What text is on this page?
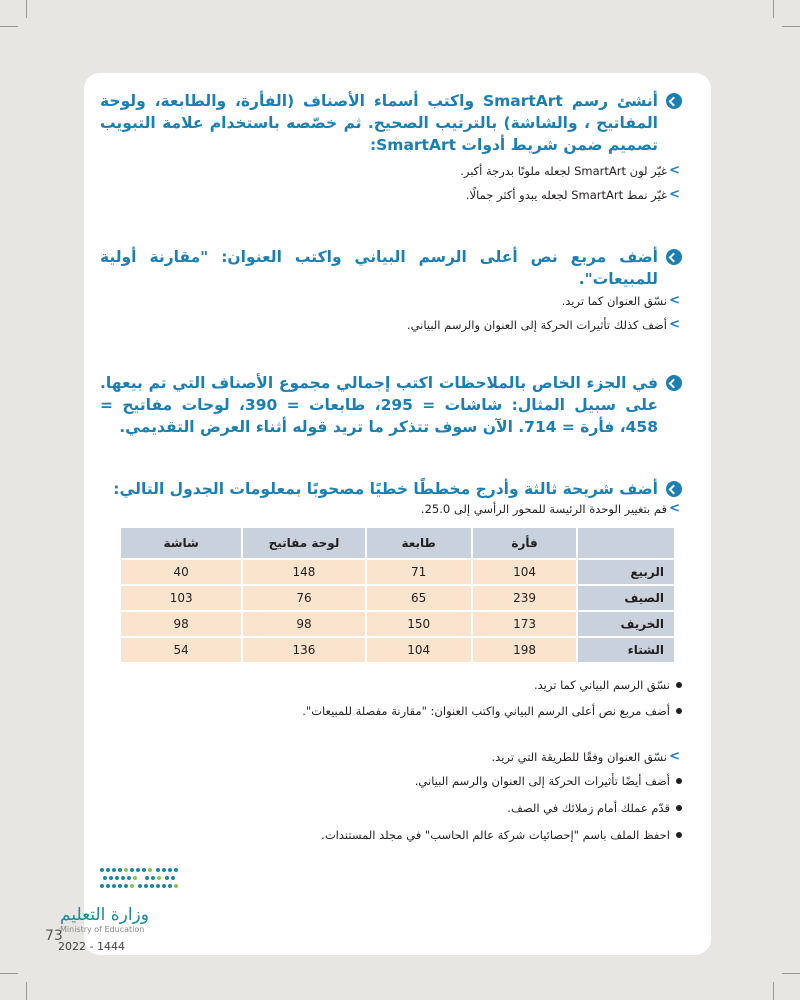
أنشئ رسم SmartArt واكتب أسماء الأصناف (الفأرة، والطابعة، ولوحة المفاتيح ، والشاشة) بالترتيب الصحيح. ثم خصّصه باستخدام علامة التبويب تصميم ضمن شريط أدوات SmartArt:
>
غيّر لون SmartArt لجعله ملونًا بدرجة أكبر.
>
غيّر نمط SmartArt لجعله يبدو أكثر جمالًا.
أضف مربع نص أعلى الرسم البياني واكتب العنوان: "مقارنة أولية للمبيعات".
>
نسّق العنوان كما تريد.
>
أضف كذلك تأثيرات الحركة إلى العنوان والرسم البياني.
في الجزء الخاص بالملاحظات اكتب إجمالي مجموع الأصناف التي تم بيعها. على سبيل المثال: شاشات = 295، طابعات = 390، لوحات مفاتيح = 458، فأرة = 714. الآن سوف تتذكر ما تريد قوله أثناء العرض التقديمي.
أضف شريحة ثالثة وأدرج مخططًا خطيًا مصحوبًا بمعلومات الجدول التالي:
>
قم بتغيير الوحدة الرئيسة للمحور الرأسي إلى 25.0.
	فأرة	طابعة	لوحة مفاتيح	شاشة
الربيع	104	71	148	40
الصيف	239	65	76	103
الخريف	173	150	98	98
الشتاء	198	104	136	54
نسّق الرسم البياني كما تريد.
أضف مربع نص أعلى الرسم البياني واكتب العنوان: "مقارنة مفصلة للمبيعات".
>
نسّق العنوان وفقًا للطريقة التي تريد.
أضف أيضًا تأثيرات الحركة إلى العنوان والرسم البياني.
قدّم عملك أمام زملائك في الصف.
احفظ الملف باسم "إحصائيات شركة عالم الحاسب" في مجلد المستندات.
وزارة التعليم
Ministry of Education
73
2022 - 1444
